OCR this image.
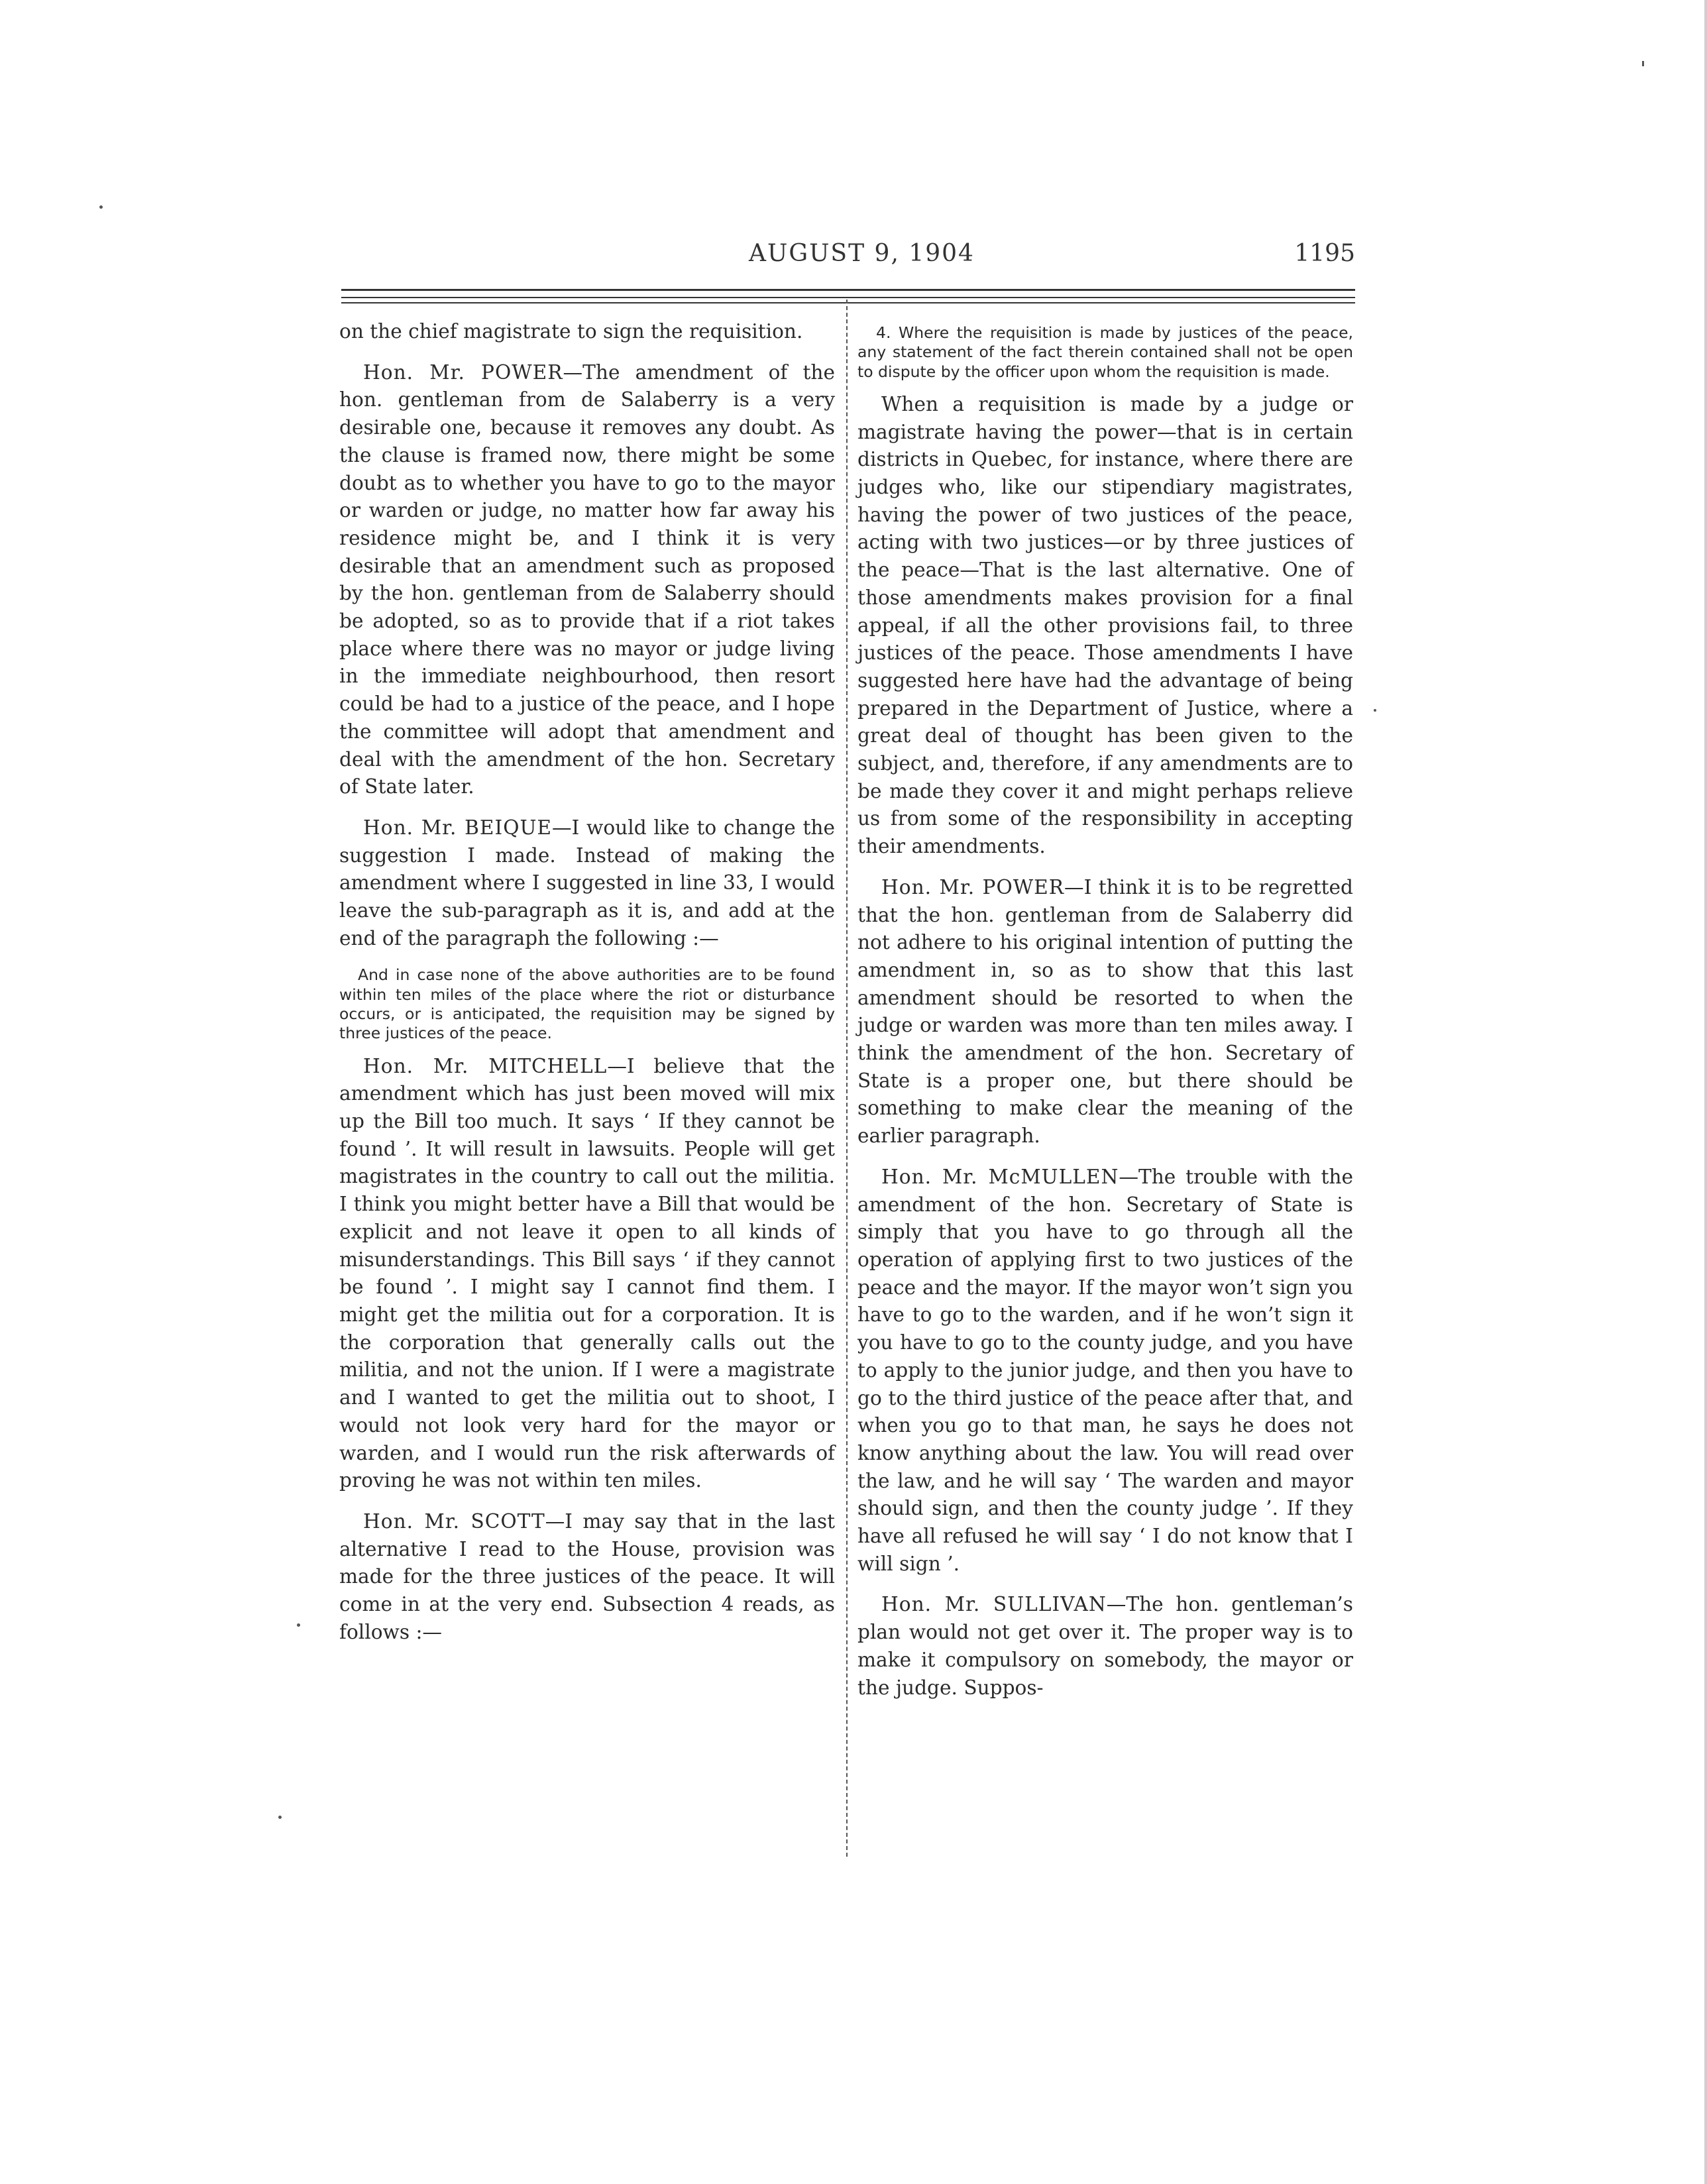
AUGUST 9, 1904	1195

on the chief magistrate to sign the requisition.

Hon. Mr. POWER—The amendment of the hon. gentleman from de Salaberry is a very desirable one, because it removes any doubt. As the clause is framed now, there might be some doubt as to whether you have to go to the mayor or warden or judge, no matter how far away his residence might be, and I think it is very desirable that an amendment such as proposed by the hon. gentleman from de Salaberry should be adopted, so as to provide that if a riot takes place where there was no mayor or judge living in the immediate neighbourhood, then resort could be had to a justice of the peace, and I hope the committee will adopt that amendment and deal with the amendment of the hon. Secretary of State later.

Hon. Mr. BEIQUE—I would like to change the suggestion I made. Instead of making the amendment where I suggested in line 33, I would leave the sub-paragraph as it is, and add at the end of the paragraph the following :—

And in case none of the above authorities are to be found within ten miles of the place where the riot or disturbance occurs, or is anticipated, the requisition may be signed by three justices of the peace.

Hon. Mr. MITCHELL—I believe that the amendment which has just been moved will mix up the Bill too much. It says ‘ If they cannot be found ’. It will result in lawsuits. People will get magistrates in the country to call out the militia. I think you might better have a Bill that would be explicit and not leave it open to all kinds of misunderstandings. This Bill says ‘ if they cannot be found ’. I might say I cannot find them. I might get the militia out for a corporation. It is the corporation that generally calls out the militia, and not the union. If I were a magistrate and I wanted to get the militia out to shoot, I would not look very hard for the mayor or warden, and I would run the risk afterwards of proving he was not within ten miles.

Hon. Mr. SCOTT—I may say that in the last alternative I read to the House, provision was made for the three justices of the peace. It will come in at the very end. Subsection 4 reads, as follows :—

4. Where the requisition is made by justices of the peace, any statement of the fact therein contained shall not be open to dispute by the officer upon whom the requisition is made.

When a requisition is made by a judge or magistrate having the power—that is in certain districts in Quebec, for instance, where there are judges who, like our stipendiary magistrates, having the power of two justices of the peace, acting with two justices—or by three justices of the peace—That is the last alternative. One of those amendments makes provision for a final appeal, if all the other provisions fail, to three justices of the peace. Those amendments I have suggested here have had the advantage of being prepared in the Department of Justice, where a great deal of thought has been given to the subject, and, therefore, if any amendments are to be made they cover it and might perhaps relieve us from some of the responsibility in accepting their amendments.

Hon. Mr. POWER—I think it is to be regretted that the hon. gentleman from de Salaberry did not adhere to his original intention of putting the amendment in, so as to show that this last amendment should be resorted to when the judge or warden was more than ten miles away. I think the amendment of the hon. Secretary of State is a proper one, but there should be something to make clear the meaning of the earlier paragraph.

Hon. Mr. McMULLEN—The trouble with the amendment of the hon. Secretary of State is simply that you have to go through all the operation of applying first to two justices of the peace and the mayor. If the mayor won’t sign you have to go to the warden, and if he won’t sign it you have to go to the county judge, and you have to apply to the junior judge, and then you have to go to the third justice of the peace after that, and when you go to that man, he says he does not know anything about the law. You will read over the law, and he will say ‘ The warden and mayor should sign, and then the county judge ’. If they have all refused he will say ‘ I do not know that I will sign ’.

Hon. Mr. SULLIVAN—The hon. gentleman’s plan would not get over it. The proper way is to make it compulsory on somebody, the mayor or the judge. Suppos-
